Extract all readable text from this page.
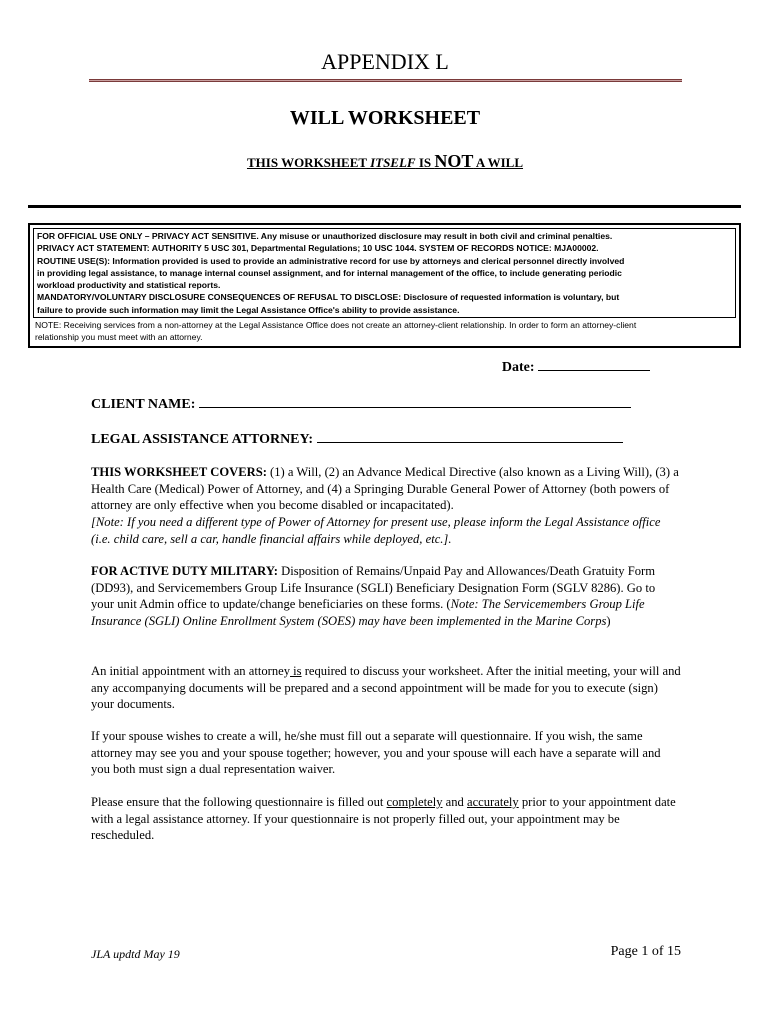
APPENDIX L
WILL WORKSHEET
THIS WORKSHEET ITSELF IS NOT A WILL
FOR OFFICIAL USE ONLY – PRIVACY ACT SENSITIVE. Any misuse or unauthorized disclosure may result in both civil and criminal penalties.
PRIVACY ACT STATEMENT: AUTHORITY 5 USC 301, Departmental Regulations; 10 USC 1044. SYSTEM OF RECORDS NOTICE: MJA00002.
ROUTINE USE(S): Information provided is used to provide an administrative record for use by attorneys and clerical personnel directly involved
in providing legal assistance, to manage internal counsel assignment, and for internal management of the office, to include generating periodic
workload productivity and statistical reports.
MANDATORY/VOLUNTARY DISCLOSURE CONSEQUENCES OF REFUSAL TO DISCLOSE: Disclosure of requested information is voluntary, but
failure to provide such information may limit the Legal Assistance Office's ability to provide assistance.
NOTE: Receiving services from a non-attorney at the Legal Assistance Office does not create an attorney-client relationship. In order to form an attorney-client
relationship you must meet with an attorney.
Date:
CLIENT NAME:
LEGAL ASSISTANCE ATTORNEY:
THIS WORKSHEET COVERS: (1) a Will, (2) an Advance Medical Directive (also known as a Living Will), (3) a Health Care (Medical) Power of Attorney, and (4) a Springing Durable General Power of Attorney (both powers of attorney are only effective when you become disabled or incapacitated).
[Note: If you need a different type of Power of Attorney for present use, please inform the Legal Assistance office (i.e. child care, sell a car, handle financial affairs while deployed, etc.].
FOR ACTIVE DUTY MILITARY: Disposition of Remains/Unpaid Pay and Allowances/Death Gratuity Form (DD93), and Servicemembers Group Life Insurance (SGLI) Beneficiary Designation Form (SGLV 8286). Go to your unit Admin office to update/change beneficiaries on these forms. (Note: The Servicemembers Group Life Insurance (SGLI) Online Enrollment System (SOES) may have been implemented in the Marine Corps)
An initial appointment with an attorney is required to discuss your worksheet. After the initial meeting, your will and any accompanying documents will be prepared and a second appointment will be made for you to execute (sign) your documents.
If your spouse wishes to create a will, he/she must fill out a separate will questionnaire. If you wish, the same attorney may see you and your spouse together; however, you and your spouse will each have a separate will and you both must sign a dual representation waiver.
Please ensure that the following questionnaire is filled out completely and accurately prior to your appointment date with a legal assistance attorney. If your questionnaire is not properly filled out, your appointment may be rescheduled.
JLA updtd May 19	Page 1 of 15
